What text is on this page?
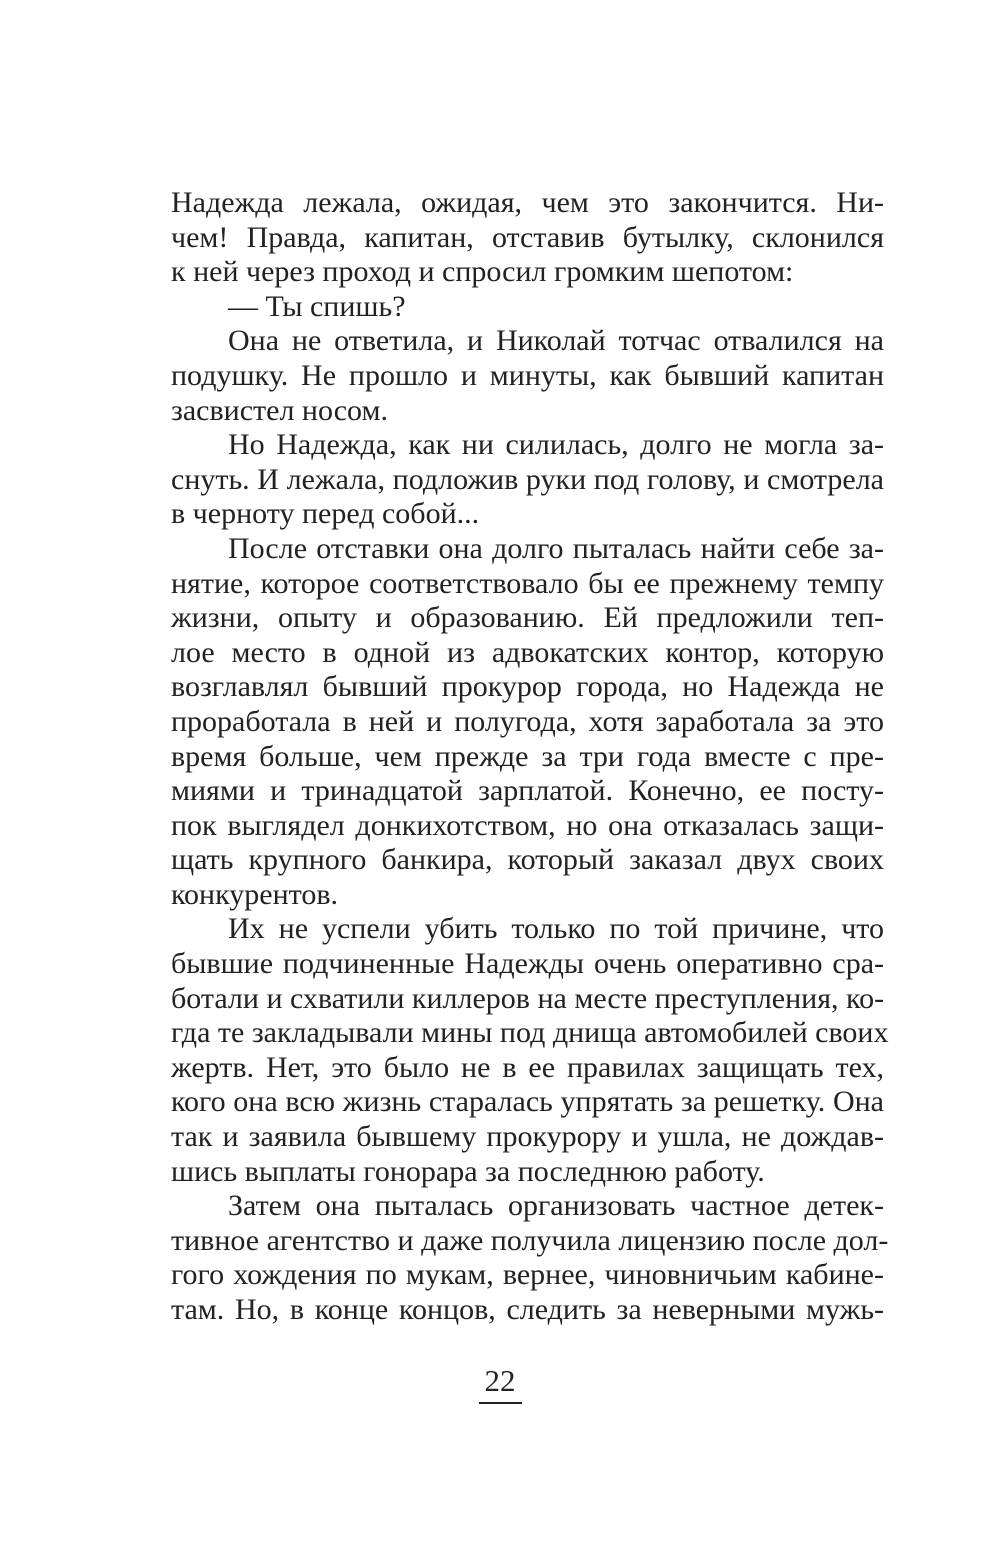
Надежда лежала, ожидая, чем это закончится. Ни-
чем! Правда, капитан, отставив бутылку, склонился
к ней через проход и спросил громким шепотом:
— Ты спишь?
Она не ответила, и Николай тотчас отвалился на
подушку. Не прошло и минуты, как бывший капитан
засвистел носом.
Но Надежда, как ни силилась, долго не могла за-
снуть. И лежала, подложив руки под голову, и смотрела
в черноту перед собой...
После отставки она долго пыталась найти себе за-
нятие, которое соответствовало бы ее прежнему темпу
жизни, опыту и образованию. Ей предложили теп-
лое место в одной из адвокатских контор, которую
возглавлял бывший прокурор города, но Надежда не
проработала в ней и полугода, хотя заработала за это
время больше, чем прежде за три года вместе с пре-
миями и тринадцатой зарплатой. Конечно, ее посту-
пок выглядел донкихотством, но она отказалась защи-
щать крупного банкира, который заказал двух своих
конкурентов.
Их не успели убить только по той причине, что
бывшие подчиненные Надежды очень оперативно сра-
ботали и схватили киллеров на месте преступления, ко-
гда те закладывали мины под днища автомобилей своих
жертв. Нет, это было не в ее правилах защищать тех,
кого она всю жизнь старалась упрятать за решетку. Она
так и заявила бывшему прокурору и ушла, не дождав-
шись выплаты гонорара за последнюю работу.
Затем она пыталась организовать частное детек-
тивное агентство и даже получила лицензию после дол-
гого хождения по мукам, вернее, чиновничьим кабине-
там. Но, в конце концов, следить за неверными мужь-
22
